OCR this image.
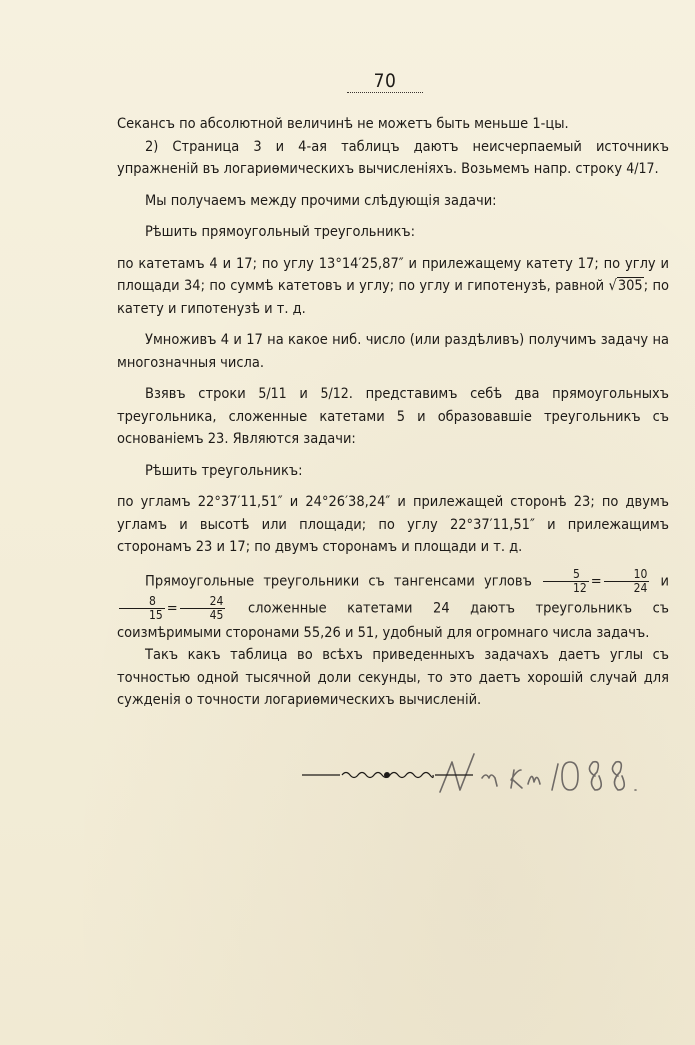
70

Секансъ по абсолютной величинѣ не можетъ быть меньше 1-цы.

2) Страница 3 и 4-ая таблицъ даютъ неисчерпаемый источникъ упражненій въ логариѳмическихъ вычисленіяхъ. Возьмемъ напр. строку 4/17.

Мы получаемъ между прочими слѣдующія задачи:

Рѣшить прямоугольный треугольникъ:

по катетамъ 4 и 17; по углу 13°14′25,87″ и прилежащему катету 17; по углу и площади 34; по суммѣ катетовъ и углу; по углу и гипотенузѣ, равной √305; по катету и гипотенузѣ и т. д.

Умноживъ 4 и 17 на какое ниб. число (или раздѣливъ) получимъ задачу на многозначныя числа.

Взявъ строки 5/11 и 5/12. представимъ себѣ два прямоугольныхъ треугольника, сложенные катетами 5 и образовавшіе треугольникъ съ основаніемъ 23. Являются задачи:

Рѣшить треугольникъ:

по угламъ 22°37′11,51″ и 24°26′38,24″ и прилежащей сторонѣ 23; по двумъ угламъ и высотѣ или площади; по углу 22°37′11,51″ и прилежащимъ сторонамъ 23 и 17; по двумъ сторонамъ и площади и т. д.

Прямоугольные треугольники съ тангенсами угловъ $\frac{5}{12} = \frac{10}{24}$ и
$\frac{8}{15} = \frac{24}{45}$ сложенные катетами 24 даютъ треугольникъ съ соизмѣримыми сторонами 55,26 и 51, удобный для огромнаго числа задачъ.

Такъ какъ таблица во всѣхъ приведенныхъ задачахъ даетъ углы съ точностью одной тысячной доли секунды, то это даетъ хорошій случай для сужденія о точности логариѳмическихъ вычисленій.
